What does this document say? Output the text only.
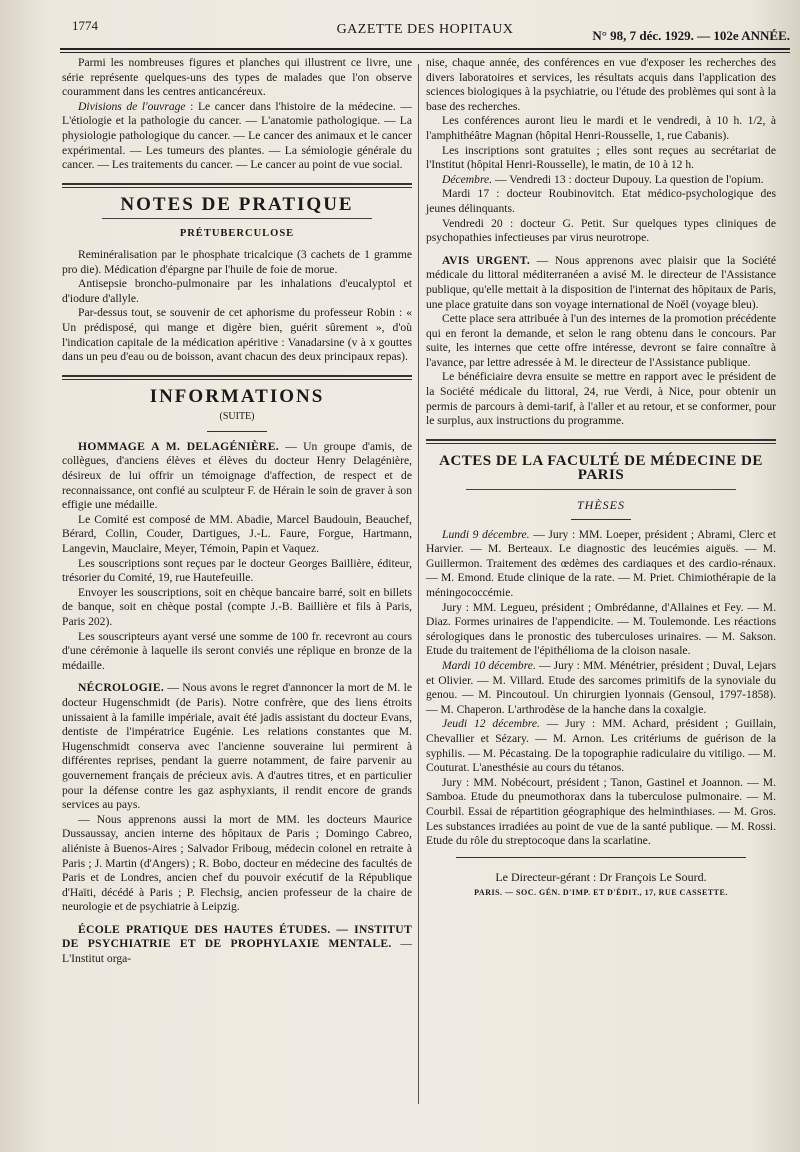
1774	GAZETTE DES HOPITAUX	N° 98, 7 déc. 1929. — 102e ANNÉE.

Parmi les nombreuses figures et planches qui illustrent ce livre, une série représente quelques-uns des types de malades que l'on observe couramment dans les centres anticancéreux.

Divisions de l'ouvrage : Le cancer dans l'histoire de la médecine. — L'étiologie et la pathologie du cancer. — L'anatomie pathologique. — La physiologie pathologique du cancer. — Le cancer des animaux et le cancer expérimental. — Les tumeurs des plantes. — La sémiologie générale du cancer. — Les traitements du cancer. — Le cancer au point de vue social.

NOTES DE PRATIQUE
PRÉTUBERCULOSE

Reminéralisation par le phosphate tricalcique (3 cachets de 1 gramme pro die). Médication d'épargne par l'huile de foie de morue.

Antisepsie broncho-pulmonaire par les inhalations d'eucalyptol et d'iodure d'allyle.

Par-dessus tout, se souvenir de cet aphorisme du professeur Robin : « Un prédisposé, qui mange et digère bien, guérit sûrement », d'où l'indication capitale de la médication apéritive : Vanadarsine (v à x gouttes dans un peu d'eau ou de boisson, avant chacun des deux principaux repas).

INFORMATIONS
(SUITE)

HOMMAGE A M. DELAGÉNIÈRE. — Un groupe d'amis, de collègues, d'anciens élèves et élèves du docteur Henry Delagénière, désireux de lui offrir un témoignage d'affection, de respect et de reconnaissance, ont confié au sculpteur F. de Hérain le soin de graver à son effigie une médaille.

Le Comité est composé de MM. Abadie, Marcel Baudouin, Beauchef, Bérard, Collin, Couder, Dartigues, J.-L. Faure, Forgue, Hartmann, Langevin, Mauclaire, Meyer, Témoin, Papin et Vaquez.

Les souscriptions sont reçues par le docteur Georges Baillière, éditeur, trésorier du Comité, 19, rue Hautefeuille.

Envoyer les souscriptions, soit en chèque bancaire barré, soit en billets de banque, soit en chèque postal (compte J.-B. Baillière et fils à Paris, Paris 202).

Les souscripteurs ayant versé une somme de 100 fr. recevront au cours d'une cérémonie à laquelle ils seront conviés une réplique en bronze de la médaille.

NÉCROLOGIE. — Nous avons le regret d'annoncer la mort de M. le docteur Hugenschmidt (de Paris). Notre confrère, que des liens étroits unissaient à la famille impériale, avait été jadis assistant du docteur Evans, dentiste de l'impératrice Eugénie. Les relations constantes que M. Hugenschmidt conserva avec l'ancienne souveraine lui permirent à différentes reprises, pendant la guerre notamment, de faire parvenir au gouvernement français de précieux avis. A d'autres titres, et en particulier pour la défense contre les gaz asphyxiants, il rendit encore de grands services au pays.

— Nous apprenons aussi la mort de MM. les docteurs Maurice Dussaussay, ancien interne des hôpitaux de Paris ; Domingo Cabreo, aliéniste à Buenos-Aires ; Salvador Friboug, médecin colonel en retraite à Paris ; J. Martin (d'Angers) ; R. Bobo, docteur en médecine des facultés de Paris et de Londres, ancien chef du pouvoir exécutif de la République d'Haïti, décédé à Paris ; P. Flechsig, ancien professeur de la chaire de neurologie et de psychiatrie à Leipzig.

ÉCOLE PRATIQUE DES HAUTES ÉTUDES. — INSTITUT DE PSYCHIATRIE ET DE PROPHYLAXIE MENTALE. — L'Institut orga-

nise, chaque année, des conférences en vue d'exposer les recherches des divers laboratoires et services, les résultats acquis dans l'application des sciences biologiques à la psychiatrie, ou l'étude des problèmes qui sont à la base des recherches.

Les conférences auront lieu le mardi et le vendredi, à 10 h. 1/2, à l'amphithéâtre Magnan (hôpital Henri-Rousselle, 1, rue Cabanis).

Les inscriptions sont gratuites ; elles sont reçues au secrétariat de l'Institut (hôpital Henri-Rousselle), le matin, de 10 à 12 h.

Décembre. — Vendredi 13 : docteur Dupouy. La question de l'opium.

Mardi 17 : docteur Roubinovitch. Etat médico-psychologique des jeunes délinquants.

Vendredi 20 : docteur G. Petit. Sur quelques types cliniques de psychopathies infectieuses par virus neurotrope.

AVIS URGENT. — Nous apprenons avec plaisir que la Société médicale du littoral méditerranéen a avisé M. le directeur de l'Assistance publique, qu'elle mettait à la disposition de l'internat des hôpitaux de Paris, une place gratuite dans son voyage international de Noël (voyage bleu).

Cette place sera attribuée à l'un des internes de la promotion précédente qui en feront la demande, et selon le rang obtenu dans le concours. Par suite, les internes que cette offre intéresse, devront se faire connaître à l'avance, par lettre adressée à M. le directeur de l'Assistance publique.

Le bénéficiaire devra ensuite se mettre en rapport avec le président de la Société médicale du littoral, 24, rue Verdi, à Nice, pour obtenir un permis de parcours à demi-tarif, à l'aller et au retour, et se conformer, pour le surplus, aux instructions du programme.

ACTES DE LA FACULTÉ DE MÉDECINE DE PARIS
THÈSES

Lundi 9 décembre. — Jury : MM. Loeper, président ; Abrami, Clerc et Harvier. — M. Berteaux. Le diagnostic des leucémies aiguës. — M. Guillermon. Traitement des œdèmes des cardiaques et des cardio-rénaux. — M. Emond. Etude clinique de la rate. — M. Priet. Chimiothérapie de la méningococcémie.

Jury : MM. Legueu, président ; Ombrédanne, d'Allaines et Fey. — M. Diaz. Formes urinaires de l'appendicite. — M. Toulemonde. Les réactions sérologiques dans le pronostic des tuberculoses urinaires. — M. Sakson. Etude du traitement de l'épithélioma de la cloison nasale.

Mardi 10 décembre. — Jury : MM. Ménétrier, président ; Duval, Lejars et Olivier. — M. Villard. Etude des sarcomes primitifs de la synoviale du genou. — M. Pincoutoul. Un chirurgien lyonnais (Gensoul, 1797-1858). — M. Chaperon. L'arthrodèse de la hanche dans la coxalgie.

Jeudi 12 décembre. — Jury : MM. Achard, président ; Guillain, Chevallier et Sézary. — M. Arnon. Les critériums de guérison de la syphilis. — M. Pécastaing. De la topographie radiculaire du vitiligo. — M. Couturat. L'anesthésie au cours du tétanos.

Jury : MM. Nobécourt, président ; Tanon, Gastinel et Joannon. — M. Samboa. Etude du pneumothorax dans la tuberculose pulmonaire. — M. Courbil. Essai de répartition géographique des helminthiases. — M. Gros. Les substances irradiées au point de vue de la santé publique. — M. Rossi. Etude du rôle du streptocoque dans la scarlatine.

Le Directeur-gérant : Dr François Le Sourd.
PARIS. — SOC. GÉN. D'IMP. ET D'ÉDIT., 17, RUE CASSETTE.
